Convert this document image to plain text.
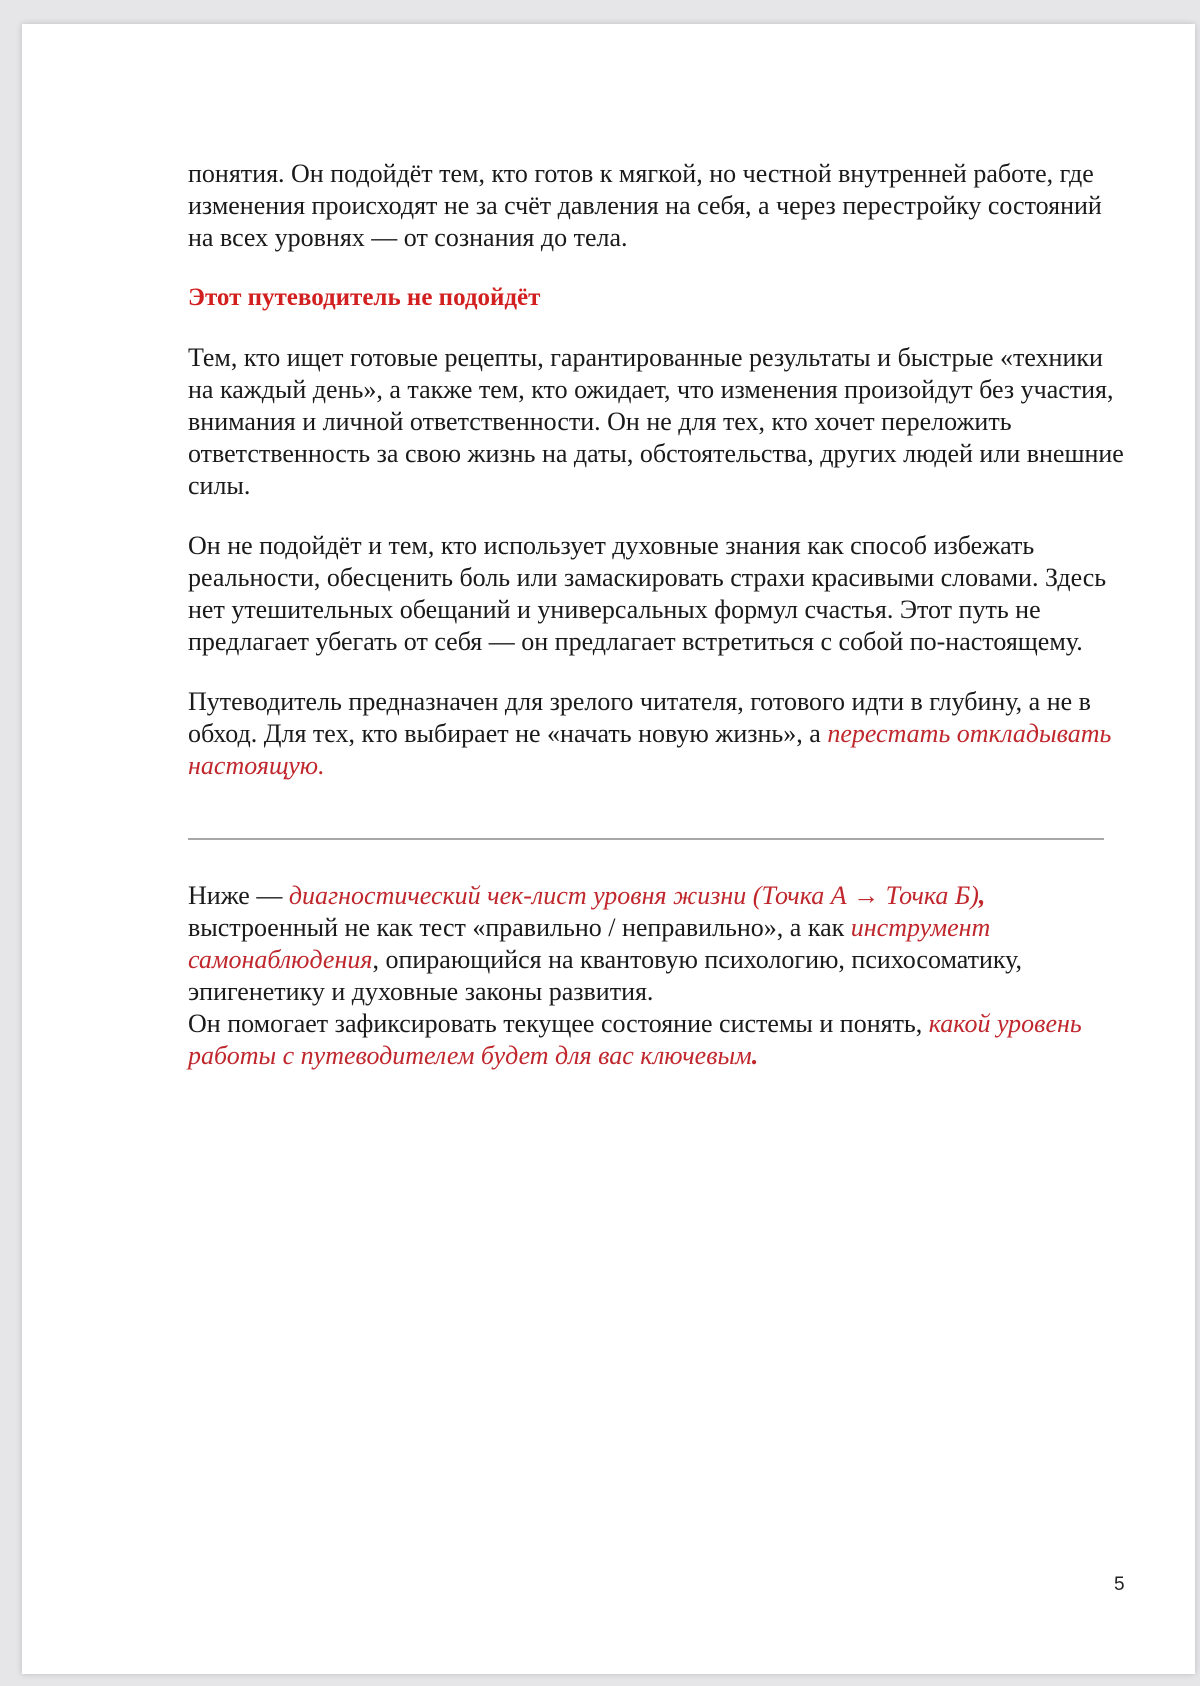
понятия. Он подойдёт тем, кто готов к мягкой, но честной внутренней работе, где изменения происходят не за счёт давления на себя, а через перестройку состояний на всех уровнях — от сознания до тела.

Этот путеводитель не подойдёт

Тем, кто ищет готовые рецепты, гарантированные результаты и быстрые «техники на каждый день», а также тем, кто ожидает, что изменения произойдут без участия, внимания и личной ответственности. Он не для тех, кто хочет переложить ответственность за свою жизнь на даты, обстоятельства, других людей или внешние силы.

Он не подойдёт и тем, кто использует духовные знания как способ избежать реальности, обесценить боль или замаскировать страхи красивыми словами. Здесь нет утешительных обещаний и универсальных формул счастья. Этот путь не предлагает убегать от себя — он предлагает встретиться с собой по-настоящему.

Путеводитель предназначен для зрелого читателя, готового идти в глубину, а не в обход. Для тех, кто выбирает не «начать новую жизнь», а перестать откладывать настоящую.

Ниже — диагностический чек-лист уровня жизни (Точка А → Точка Б), выстроенный не как тест «правильно / неправильно», а как инструмент самонаблюдения, опирающийся на квантовую психологию, психосоматику, эпигенетику и духовные законы развития.

Он помогает зафиксировать текущее состояние системы и понять, какой уровень работы с путеводителем будет для вас ключевым.

5
